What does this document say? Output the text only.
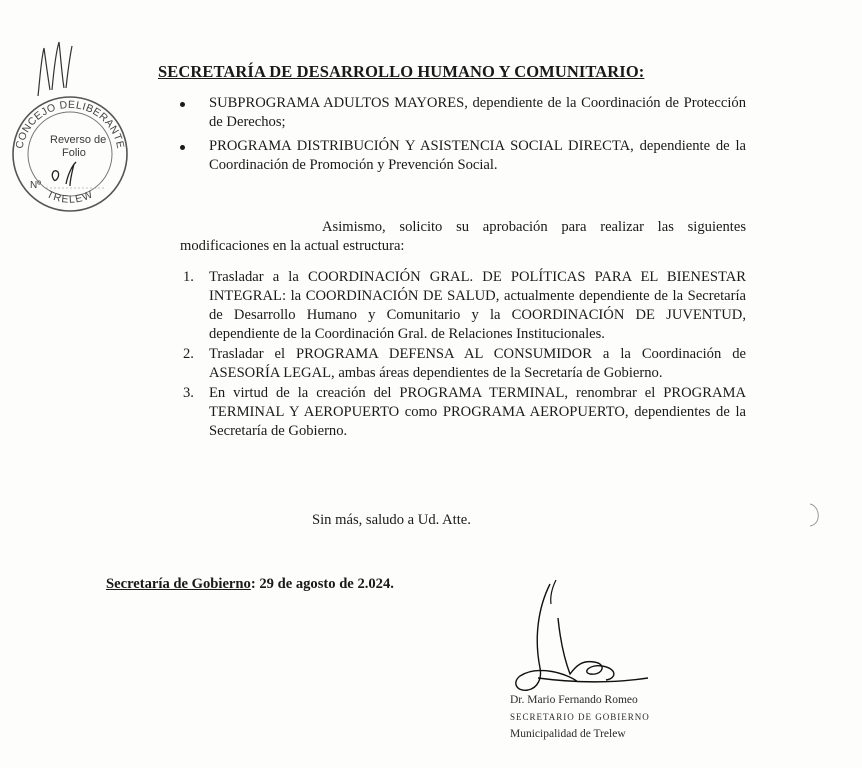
CONCEJO DELIBERANTE
TRELEW
Reverso de
Folio
Nº
SECRETARÍA DE DESARROLLO HUMANO Y COMUNITARIO:
SUBPROGRAMA ADULTOS MAYORES, dependiente de la Coordinación de Protección de Derechos;
PROGRAMA DISTRIBUCIÓN Y ASISTENCIA SOCIAL DIRECTA, dependiente de la Coordinación de Promoción y Prevención Social.
Asimismo, solicito su aprobación para realizar las siguientes modificaciones en la actual estructura:
1. Trasladar a la COORDINACIÓN GRAL. DE POLÍTICAS PARA EL BIENESTAR INTEGRAL: la COORDINACIÓN DE SALUD, actualmente dependiente de la Secretaría de Desarrollo Humano y Comunitario y la COORDINACIÓN DE JUVENTUD, dependiente de la Coordinación Gral. de Relaciones Institucionales.
2. Trasladar el PROGRAMA DEFENSA AL CONSUMIDOR a la Coordinación de ASESORÍA LEGAL, ambas áreas dependientes de la Secretaría de Gobierno.
3. En virtud de la creación del PROGRAMA TERMINAL, renombrar el PROGRAMA TERMINAL Y AEROPUERTO como PROGRAMA AEROPUERTO, dependientes de la Secretaría de Gobierno.
Sin más, saludo a Ud. Atte.
Secretaría de Gobierno: 29 de agosto de 2.024.
Dr. Mario Fernando Romeo
SECRETARIO DE GOBIERNO
Municipalidad de Trelew
